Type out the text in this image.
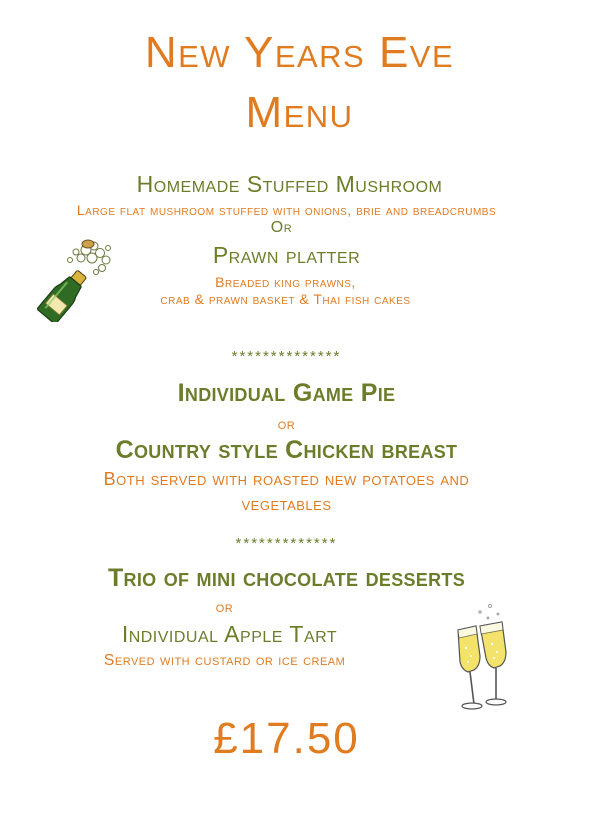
New Years Eve
Menu
Homemade Stuffed Mushroom
Large flat mushroom stuffed with onions, brie and breadcrumbs
Or
Prawn platter
Breaded king prawns,
crab & prawn basket & Thai fish cakes
**************
Individual Game Pie
or
Country style Chicken breast
Both served with roasted new potatoes and
vegetables
*************
Trio of mini chocolate desserts
or
Individual Apple Tart
Served with custard or ice cream
£17.50
